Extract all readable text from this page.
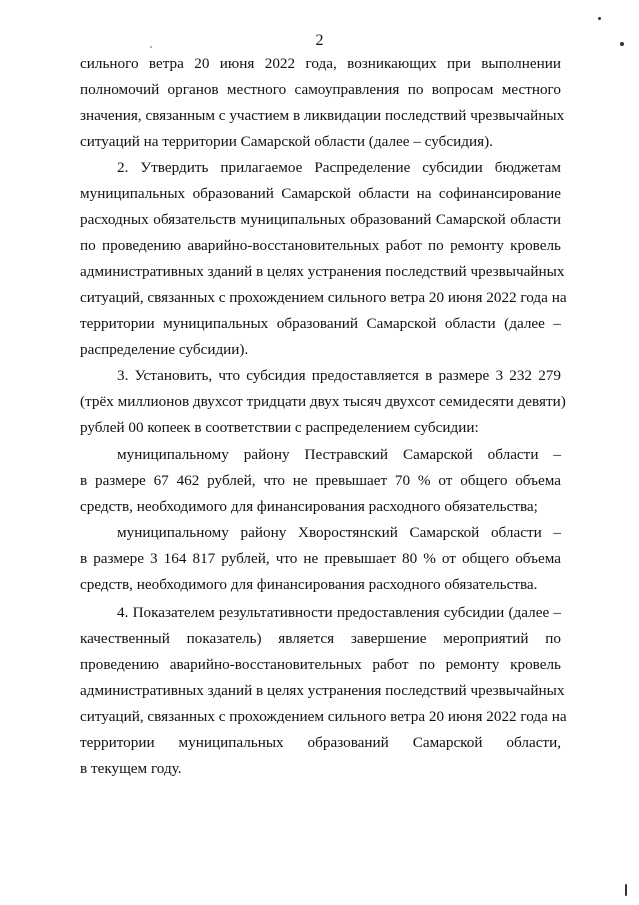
2
сильного ветра 20 июня 2022 года, возникающих при выполнении
полномочий органов местного самоуправления по вопросам местного
значения, связанным с участием в ликвидации последствий чрезвычайных
ситуаций на территории Самарской области (далее – субсидия).
2. Утвердить прилагаемое Распределение субсидии бюджетам
муниципальных образований Самарской области на софинансирование
расходных обязательств муниципальных образований Самарской области
по проведению аварийно-восстановительных работ по ремонту кровель
административных зданий в целях устранения последствий чрезвычайных
ситуаций, связанных с прохождением сильного ветра 20 июня 2022 года на
территории муниципальных образований Самарской области (далее –
распределение субсидии).
3. Установить, что субсидия предоставляется в размере 3 232 279
(трёх миллионов двухсот тридцати двух тысяч двухсот семидесяти девяти)
рублей 00 копеек в соответствии с распределением субсидии:
муниципальному району Пестравский Самарской области –
в размере 67 462 рублей, что не превышает 70 % от общего объема
средств, необходимого для финансирования расходного обязательства;
муниципальному району Хворостянский Самарской области –
в размере 3 164 817 рублей, что не превышает 80 % от общего объема
средств, необходимого для финансирования расходного обязательства.
4. Показателем результативности предоставления субсидии (далее –
качественный показатель) является завершение мероприятий по
проведению аварийно-восстановительных работ по ремонту кровель
административных зданий в целях устранения последствий чрезвычайных
ситуаций, связанных с прохождением сильного ветра 20 июня 2022 года на
территории муниципальных образований Самарской области,
в текущем году.
